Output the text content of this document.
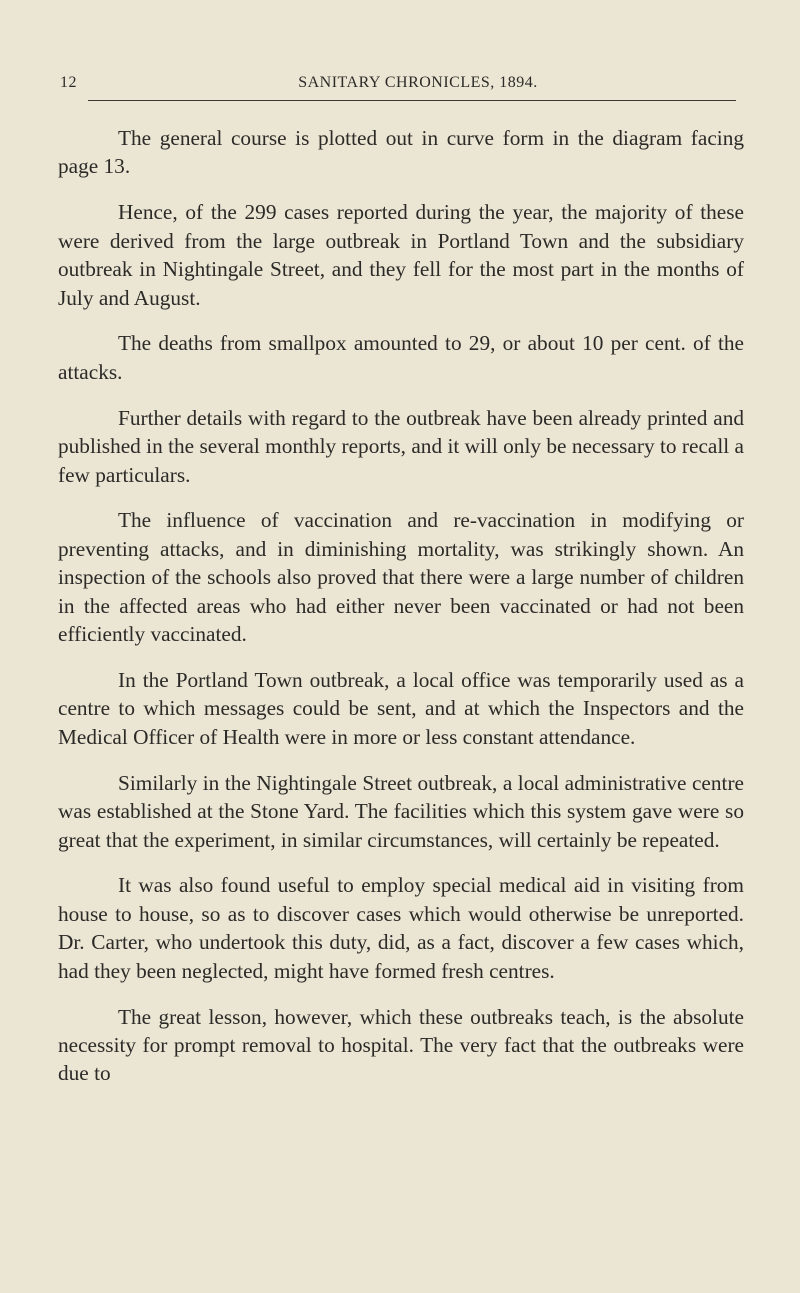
12	SANITARY CHRONICLES, 1894.

The general course is plotted out in curve form in the diagram facing page 13.

Hence, of the 299 cases reported during the year, the majority of these were derived from the large outbreak in Portland Town and the subsidiary outbreak in Nightingale Street, and they fell for the most part in the months of July and August.

The deaths from smallpox amounted to 29, or about 10 per cent. of the attacks.

Further details with regard to the outbreak have been already printed and published in the several monthly reports, and it will only be necessary to recall a few particulars.

The influence of vaccination and re-vaccination in modifying or preventing attacks, and in diminishing mortality, was strikingly shown. An inspection of the schools also proved that there were a large number of children in the affected areas who had either never been vaccinated or had not been efficiently vaccinated.

In the Portland Town outbreak, a local office was temporarily used as a centre to which messages could be sent, and at which the Inspectors and the Medical Officer of Health were in more or less constant attendance.

Similarly in the Nightingale Street outbreak, a local administrative centre was established at the Stone Yard. The facilities which this system gave were so great that the experiment, in similar circumstances, will certainly be repeated.

It was also found useful to employ special medical aid in visiting from house to house, so as to discover cases which would otherwise be unreported. Dr. Carter, who undertook this duty, did, as a fact, discover a few cases which, had they been neglected, might have formed fresh centres.

The great lesson, however, which these outbreaks teach, is the absolute necessity for prompt removal to hospital. The very fact that the outbreaks were due to
